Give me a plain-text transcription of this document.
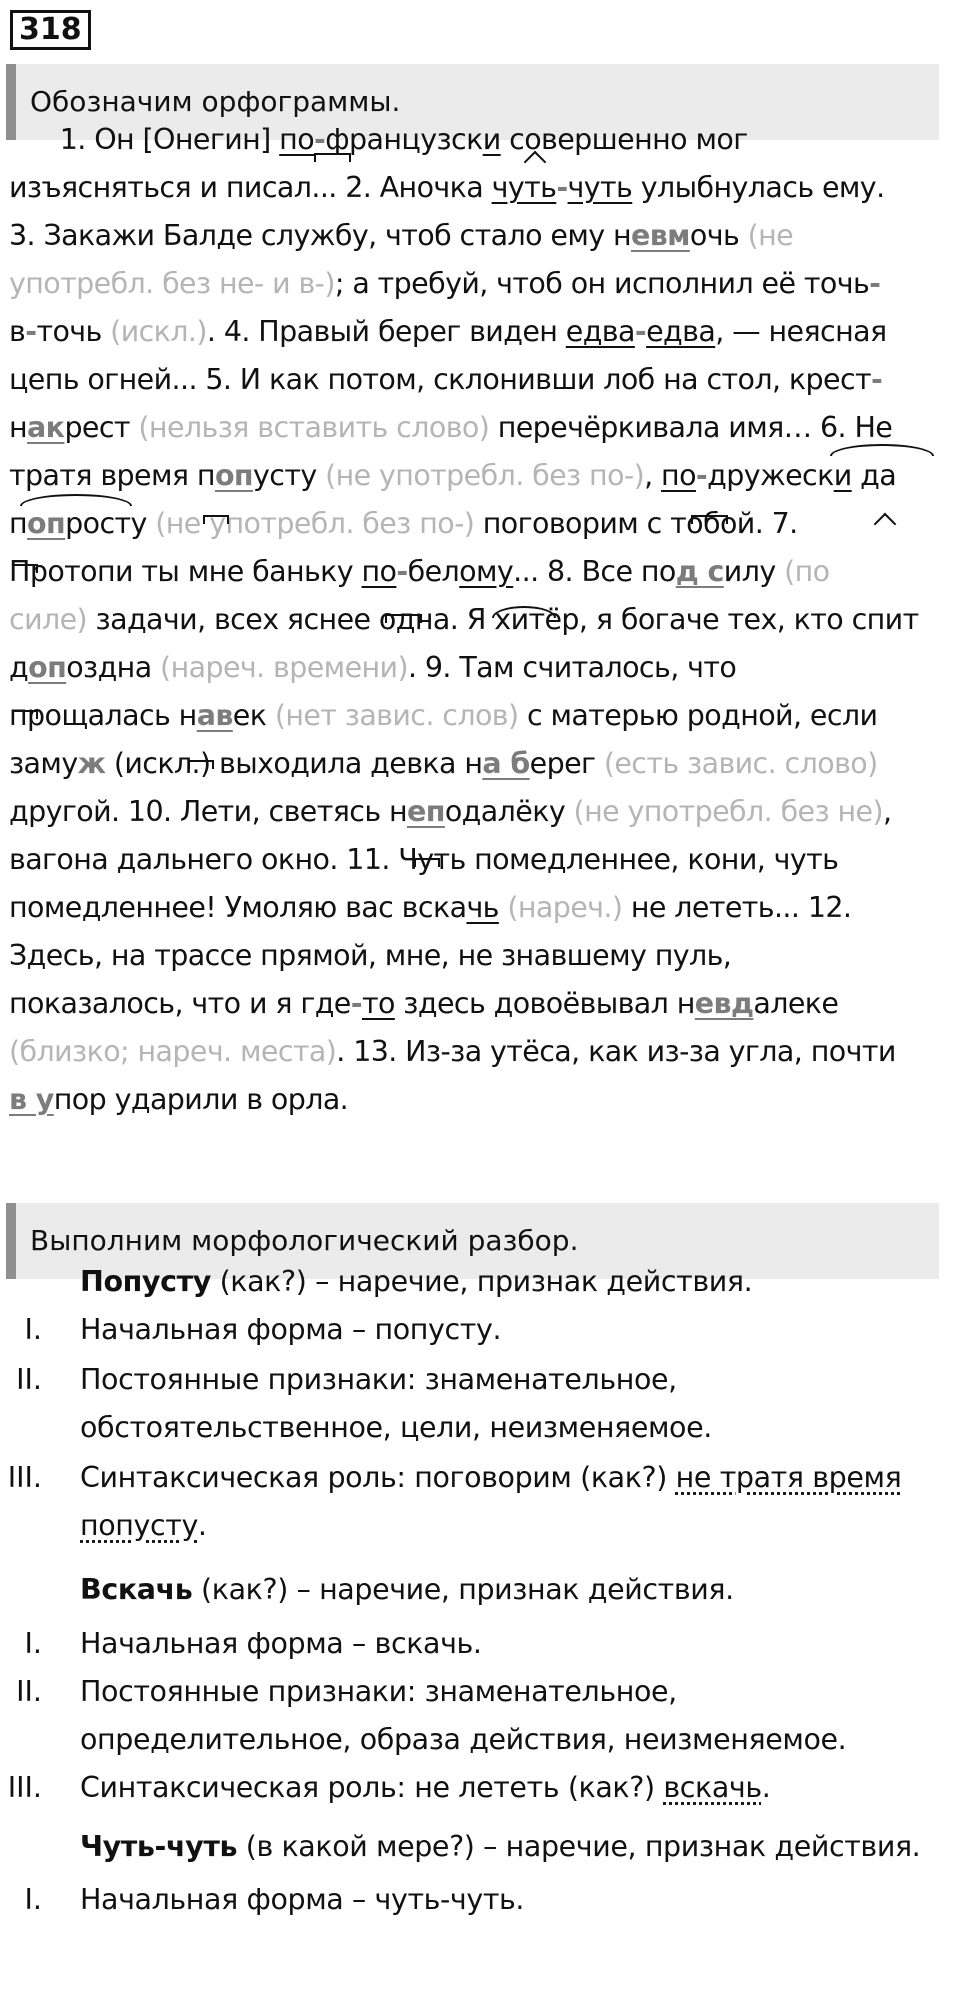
318
Обозначим орфограммы.
1. Он [Онегин] по-французски совершенно мог
изъясняться и писал... 2. Аночка чуть-чуть улыбнулась ему.
3. Закажи Балде службу, чтоб стало ему невмочь (не
употребл. без не- и в-); а требуй, чтоб он исполнил её точь-
в-точь (искл.). 4. Правый берег виден едва-едва, — неясная
цепь огней... 5. И как потом, склонивши лоб на стол, крест-
накрест (нельзя вставить слово) перечёркивала имя… 6. Не
тратя время попусту (не употребл. без по-), по-дружески да
попросту (не употребл. без по-) поговорим с тобой. 7.
Протопи ты мне баньку по-белому... 8. Все под силу (по
силе) задачи, всех яснее одна. Я хитёр, я богаче тех, кто спит
допоздна (нареч. времени). 9. Там считалось, что
прощалась навек (нет завис. слов) с матерью родной, если
замуж (искл.) выходила девка на берег (есть завис. слово)
другой. 10. Лети, светясь неподалёку (не употребл. без не),
вагона дальнего окно. 11. Чуть помедленнее, кони, чуть
помедленнее! Умоляю вас вскачь (нареч.) не лететь... 12.
Здесь, на трассе прямой, мне, не знавшему пуль,
показалось, что и я где-то здесь довоёвывал невдалеке
(близко; нареч. места). 13. Из-за утёса, как из-за угла, почти
в упор ударили в орла.
Выполним морфологический разбор.
Попусту (как?) – наречие, признак действия.
I. Начальная форма – попусту.
II. Постоянные признаки: знаменательное,
обстоятельственное, цели, неизменяемое.
III. Синтаксическая роль: поговорим (как?) не тратя время
попусту.
Вскачь (как?) – наречие, признак действия.
I. Начальная форма – вскачь.
II. Постоянные признаки: знаменательное,
определительное, образа действия, неизменяемое.
III. Синтаксическая роль: не лететь (как?) вскачь.
Чуть-чуть (в какой мере?) – наречие, признак действия.
I. Начальная форма – чуть-чуть.
